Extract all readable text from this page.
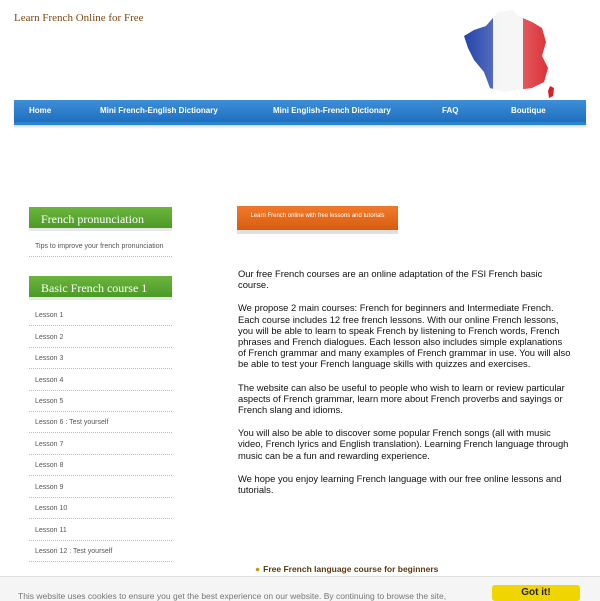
Learn French Online for Free
Home	Mini French-English Dictionary	Mini English-French Dictionary	FAQ	Boutique
French pronunciation
Tips to improve your french pronunciation
Basic French course 1
Lesson 1
Lesson 2
Lesson 3
Lesson 4
Lesson 5
Lesson 6 : Test yourself
Lesson 7
Lesson 8
Lesson 9
Lesson 10
Lesson 11
Lesson 12 : Test yourself
Learn French online with free lessons and tutorials

Our free French courses are an online adaptation of the FSI French basic course.

We propose 2 main courses: French for beginners and Intermediate French. Each course includes 12 free french lessons. With our online French lessons, you will be able to learn to speak French by listening to French words, French phrases and French dialogues. Each lesson also includes simple explanations of French grammar and many examples of French grammar in use. You will also be able to test your French language skills with quizzes and exercises.

The website can also be useful to people who wish to learn or review particular aspects of French grammar, learn more about French proverbs and sayings or French slang and idioms.

You will also be able to discover some popular French songs (all with music video, French lyrics and English translation). Learning French language through music can be a fun and rewarding experience.

We hope you enjoy learning French language with our free online lessons and tutorials.

● Free French language course for beginners
This website uses cookies to ensure you get the best experience on our website. By continuing to browse the site,	Got it!
